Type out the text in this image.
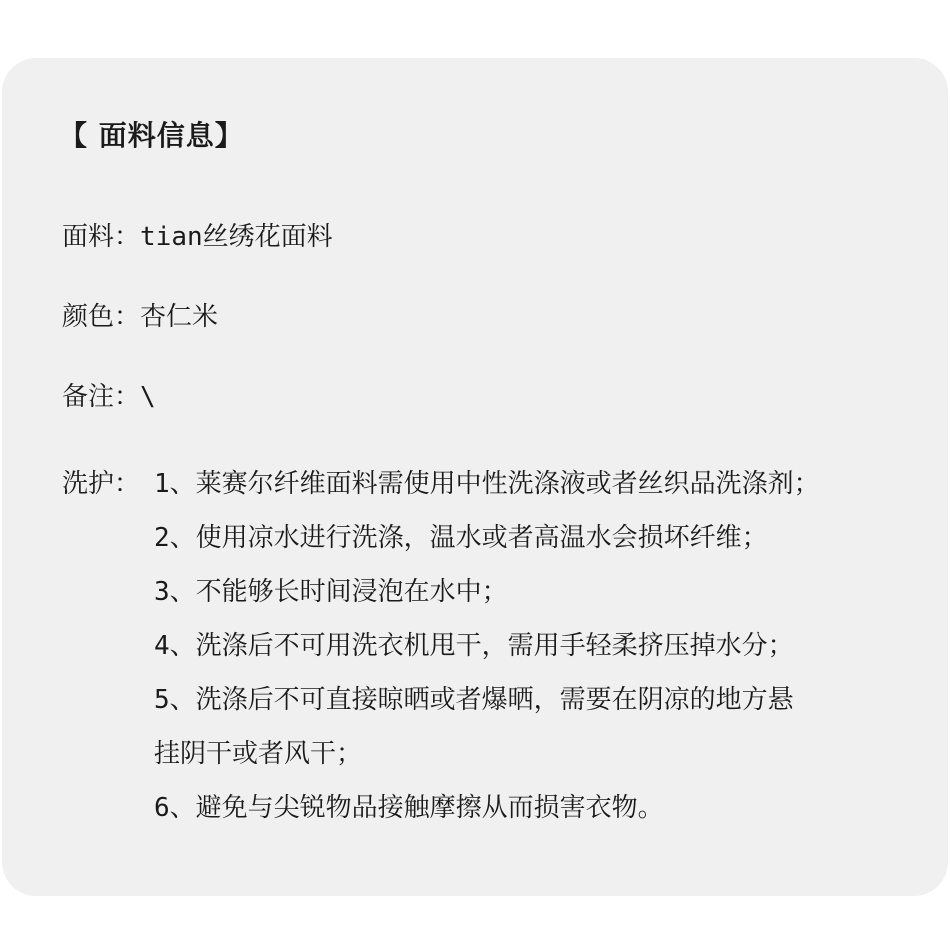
【 面料信息】
面料： tian丝绣花面料
颜色： 杏仁米
备注： \
洗护： 1、莱赛尔纤维面料需使用中性洗涤液或者丝织品洗涤剂；
2、使用凉水进行洗涤，温水或者高温水会损坏纤维；
3、不能够长时间浸泡在水中；
4、洗涤后不可用洗衣机甩干，需用手轻柔挤压掉水分；
5、洗涤后不可直接晾晒或者爆晒，需要在阴凉的地方悬
挂阴干或者风干；
6、避免与尖锐物品接触摩擦从而损害衣物。
